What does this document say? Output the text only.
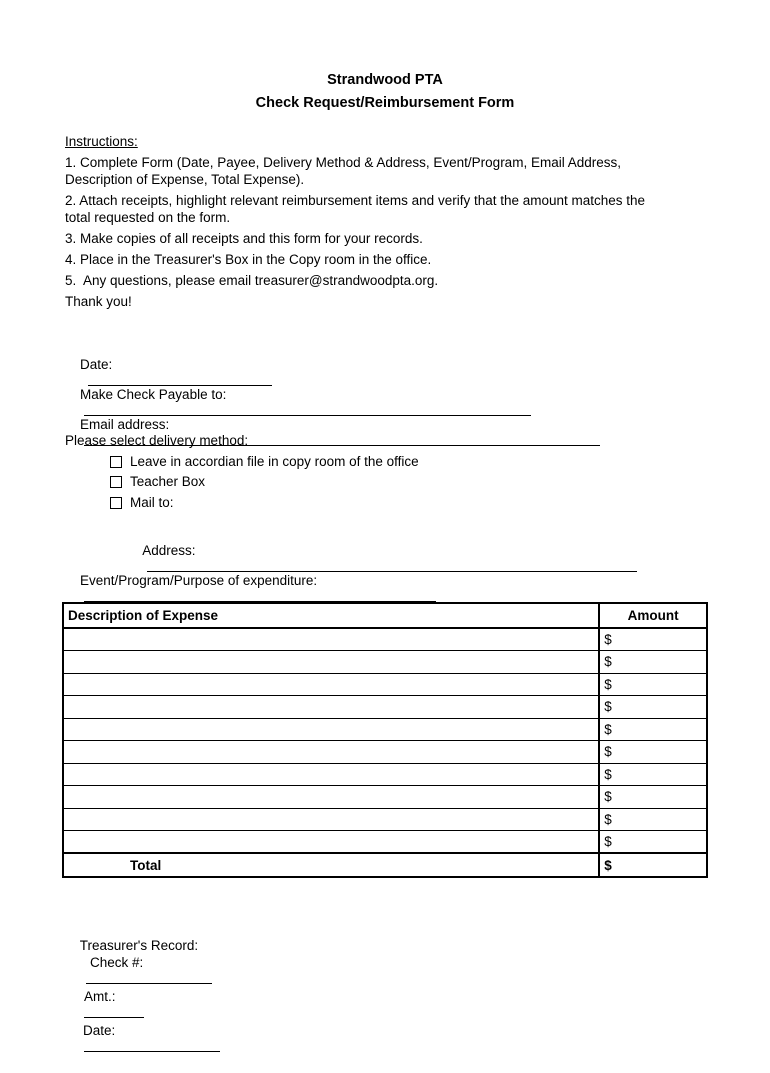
Strandwood PTA
Check Request/Reimbursement Form
Instructions:
1. Complete Form (Date, Payee, Delivery Method & Address, Event/Program, Email Address,
Description of Expense, Total Expense).
2. Attach receipts, highlight relevant reimbursement items and verify that the amount matches the
total requested on the form.
3. Make copies of all receipts and this form for your records.
4. Place in the Treasurer's Box in the Copy room in the office.
5.  Any questions, please email treasurer@strandwoodpta.org.
Thank you!

Date:

Make Check Payable to:

Email address:

Please select delivery method:
Leave in accordian file in copy room of the office
Teacher Box
Mail to:

Address:

Event/Program/Purpose of expenditure:

Description of Expense	Amount
	$
	$
	$
	$
	$
	$
	$
	$
	$
	$
Total	$

Treasurer's Record:
Check #:

Amt.:

Date:
